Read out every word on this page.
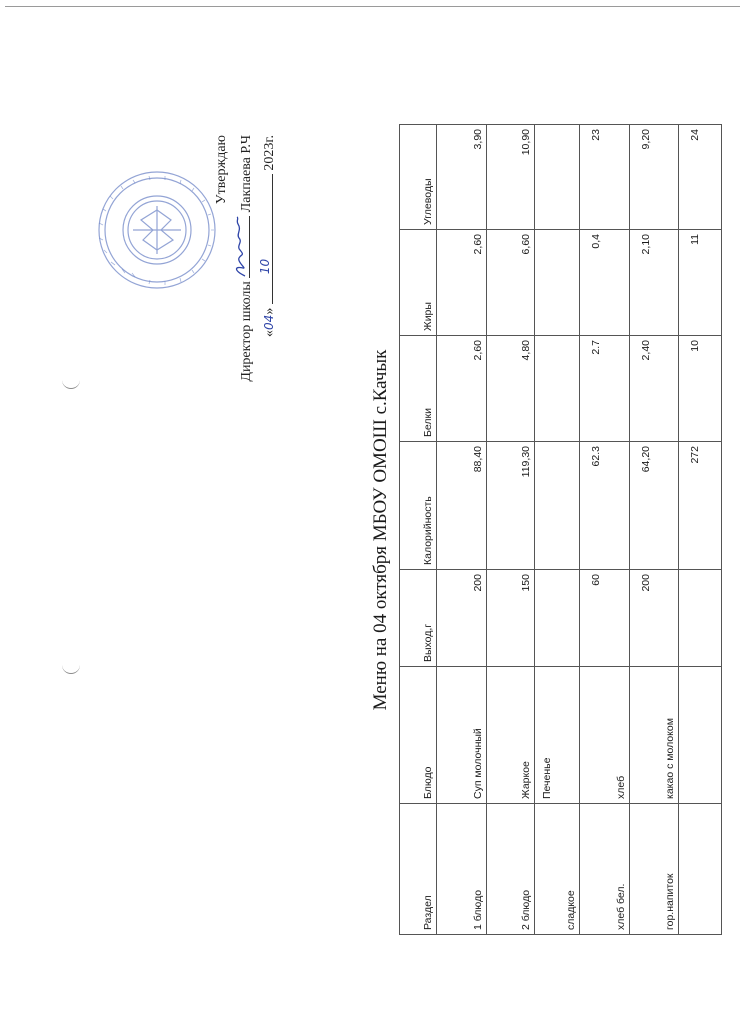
Утверждаю
Директор школы
Лакпаева Р.Ч
«04»
10
2023г.
Меню на 04 октября МБОУ ОМОШ с.Качык
Раздел	Блюдо	Выход,г	Калорийность	Белки	Жиры	Углеводы
1 блюдо	Суп молочный	200	88,40	2,60	2,60	3,90
2 блюдо	Жаркое	150	119,30	4,80	6,60	10,90
сладкое	Печенье					
хлеб бел.	хлеб	60	62.3	2.7	0,4	23
гор.напиток	какао с молоком	200	64,20	2,40	2,10	9,20
			272	10	11	24
